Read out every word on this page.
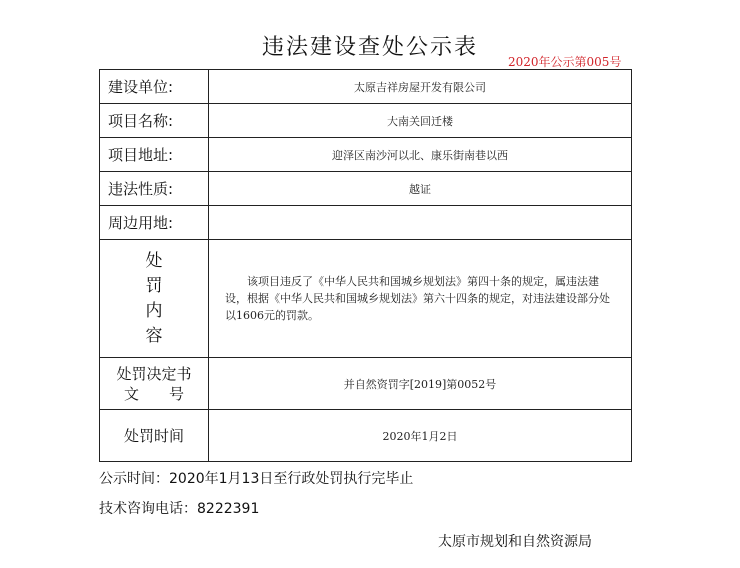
违法建设查处公示表
2020年公示第005号
建设单位:	太原吉祥房屋开发有限公司
项目名称:	大南关回迁楼
项目地址:	迎泽区南沙河以北、康乐街南巷以西
违法性质:	越证
周边用地:	

处
罚
内
容	该项目违反了《中华人民共和国城乡规划法》第四十条的规定，属违法建设，根据《中华人民共和国城乡规划法》第六十四条的规定，对违法建设部分处以1606元的罚款。

处罚决定书
文　　号	并自然资罚字[2019]第0052号
处罚时间	2020年1月2日
公示时间：2020年1月13日至行政处罚执行完毕止
技术咨询电话：8222391
太原市规划和自然资源局
